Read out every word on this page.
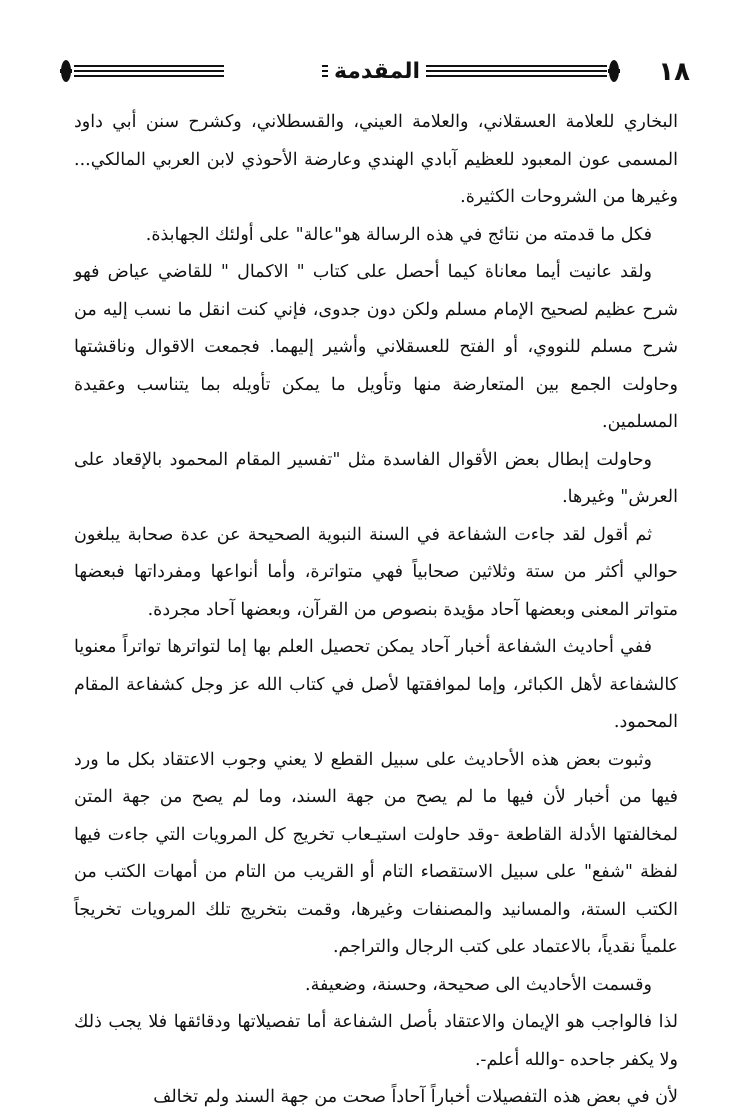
المقدمة	١٨

البخاري للعلامة العسقلاني، والعلامة العيني، والقسطلاني، وكشرح سنن أبي داود المسمى عون المعبود للعظيم آبادي الهندي وعارضة الأحوذي لابن العربي المالكي... وغيرها من الشروحات الكثيرة.

فكل ما قدمته من نتائج في هذه الرسالة هو"عالة" على أولئك الجهابذة.

ولقد عانيت أيما معاناة كيما أحصل على كتاب " الاكمال " للقاضي عياض فهو شرح عظيم لصحيح الإمام مسلم ولكن دون جدوى، فإني كنت انقل ما نسب إليه من شرح مسلم للنووي، أو الفتح للعسقلاني وأشير إليهما. فجمعت الاقوال وناقشتها وحاولت الجمع بين المتعارضة منها وتأويل ما يمكن تأويله بما يتناسب وعقيدة المسلمين.

وحاولت إبطال بعض الأقوال الفاسدة مثل "تفسير المقام المحمود بالإقعاد على العرش" وغيرها.

ثم أقول لقد جاءت الشفاعة في السنة النبوية الصحيحة عن عدة صحابة يبلغون حوالي أكثر من ستة وثلاثين صحابياً فهي متواترة، وأما أنواعها ومفرداتها فبعضها متواتر المعنى وبعضها آحاد مؤيدة بنصوص من القرآن، وبعضها آحاد مجردة.

ففي أحاديث الشفاعة أخبار آحاد يمكن تحصيل العلم بها إما لتواترها تواتراً معنويا كالشفاعة لأهل الكبائر، وإما لموافقتها لأصل في كتاب الله عز وجل كشفاعة المقام المحمود.

وثبوت بعض هذه الأحاديث على سبيل القطع لا يعني وجوب الاعتقاد بكل ما ورد فيها من أخبار لأن فيها ما لم يصح من جهة السند، وما لم يصح من جهة المتن لمخالفتها الأدلة القاطعة -وقد حاولت استيـعاب تخريج كل المرويات التي جاءت فيها لفظة "شفع" على سبيل الاستقصاء التام أو القريب من التام من أمهات الكتب من الكتب الستة، والمسانيد والمصنفات وغيرها، وقمت بتخريج تلك المرويات تخريجاً علمياً نقدياً، بالاعتماد على كتب الرجال والتراجم.

وقسمت الأحاديث الى صحيحة، وحسنة، وضعيفة.

لذا فالواجب هو الإيمان والاعتقاد بأصل الشفاعة أما تفصيلاتها ودقائقها فلا يجب ذلك ولا يكفر جاحده -والله أعلم-.

لأن في بعض هذه التفصيلات أخباراً آحاداً صحت من جهة السند ولم تخالف
